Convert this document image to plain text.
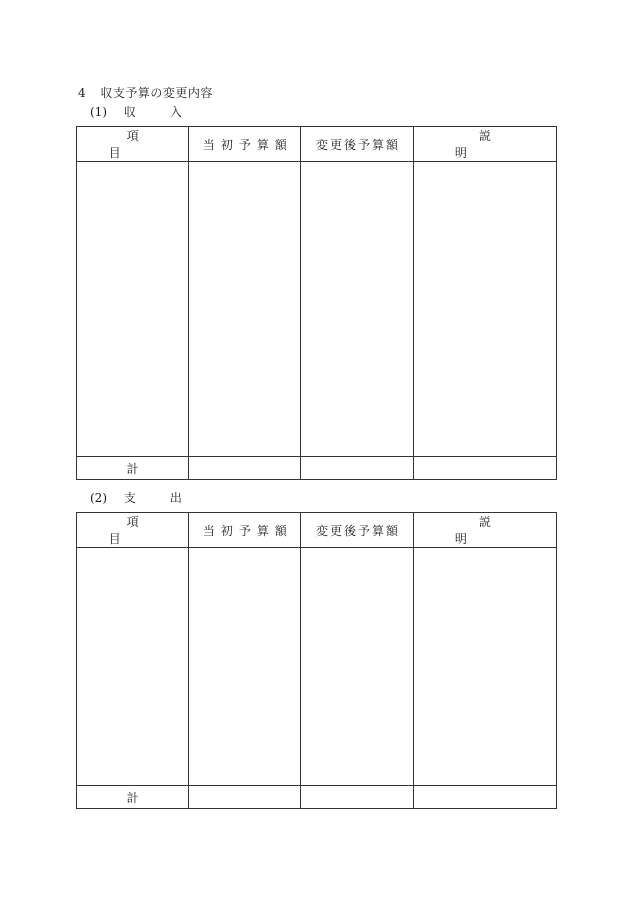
4 収支予算の変更内容
(1) 収入
項目	当初予算額	変更後予算額	説明

計			
(2) 支出
項目	当初予算額	変更後予算額	説明

計			
